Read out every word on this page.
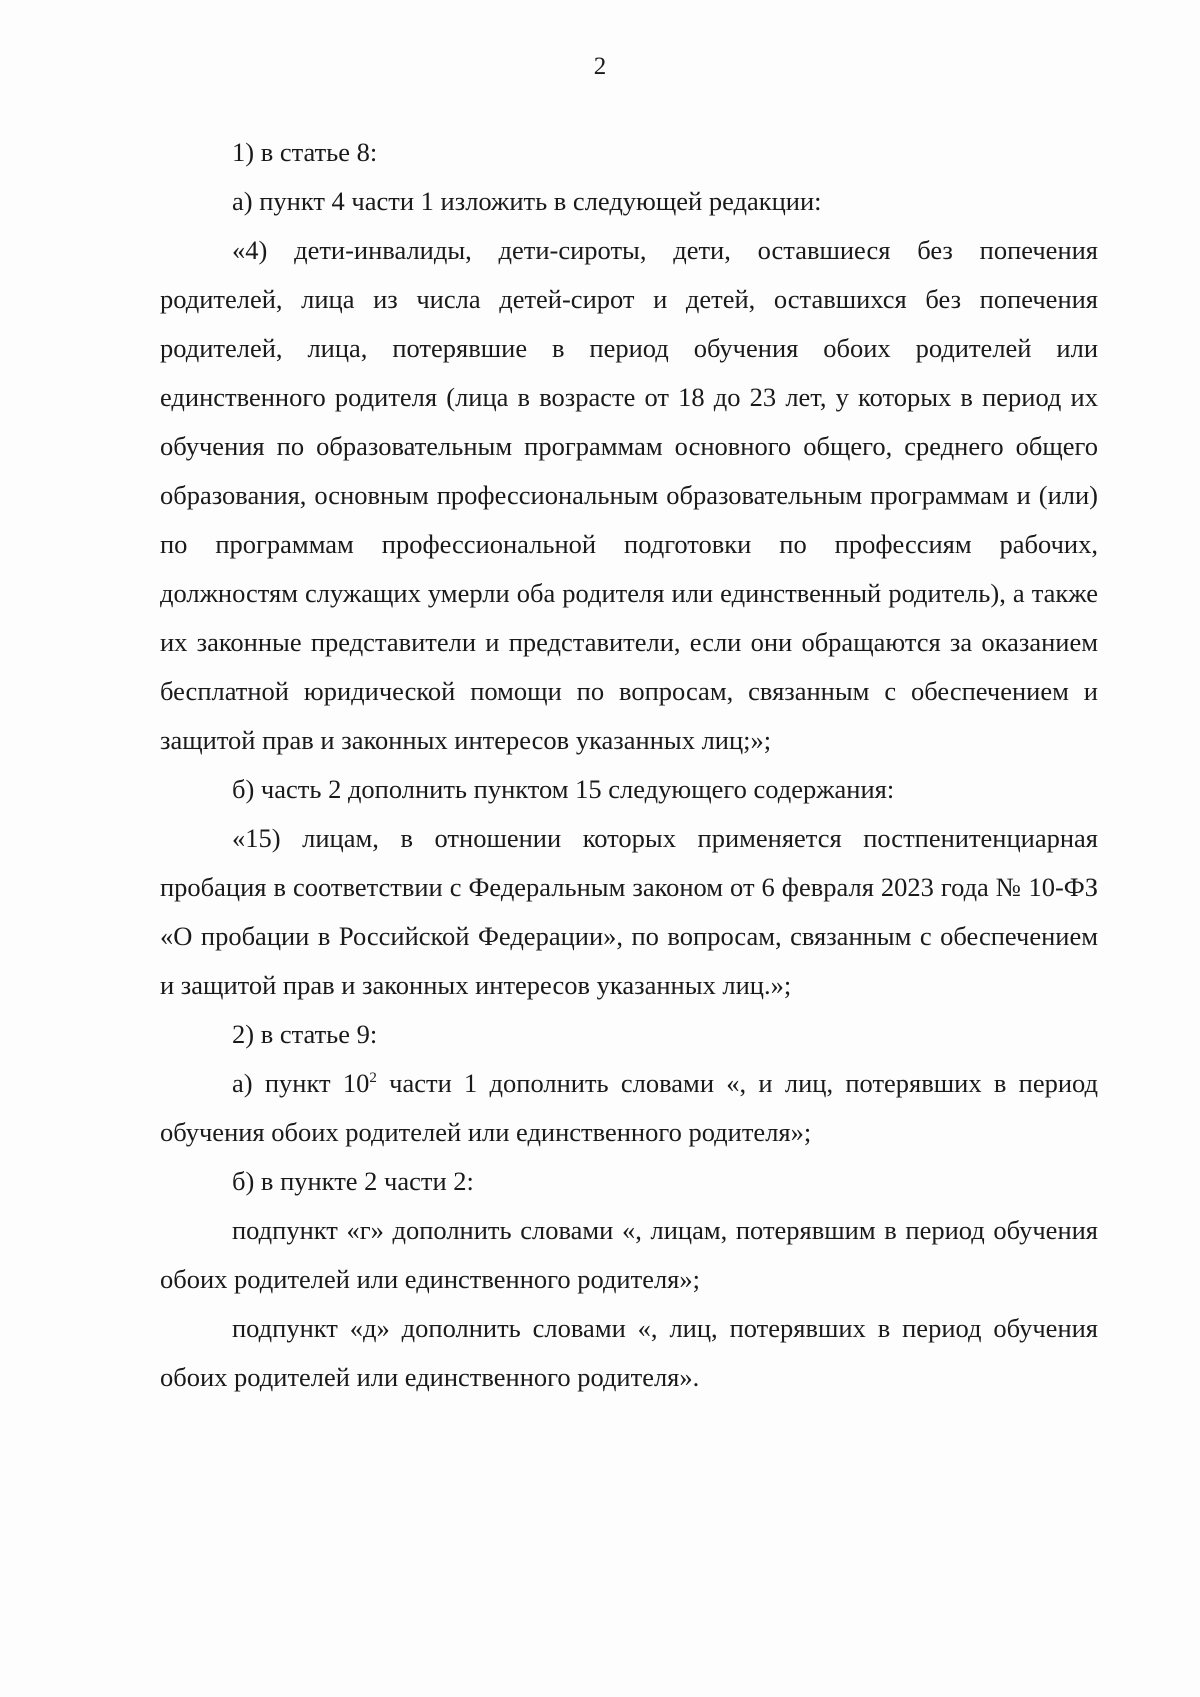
2

1) в статье 8:

а) пункт 4 части 1 изложить в следующей редакции:

«4) дети-инвалиды, дети-сироты, дети, оставшиеся без попечения родителей, лица из числа детей-сирот и детей, оставшихся без попечения родителей, лица, потерявшие в период обучения обоих родителей или единственного родителя (лица в возрасте от 18 до 23 лет, у которых в период их обучения по образовательным программам основного общего, среднего общего образования, основным профессиональным образовательным программам и (или) по программам профессиональной подготовки по профессиям рабочих, должностям служащих умерли оба родителя или единственный родитель), а также их законные представители и представители, если они обращаются за оказанием бесплатной юридической помощи по вопросам, связанным с обеспечением и защитой прав и законных интересов указанных лиц;»;

б) часть 2 дополнить пунктом 15 следующего содержания:

«15) лицам, в отношении которых применяется постпенитенциарная пробация в соответствии с Федеральным законом от 6 февраля 2023 года № 10-ФЗ «О пробации в Российской Федерации», по вопросам, связанным с обеспечением и защитой прав и законных интересов указанных лиц.»;

2) в статье 9:

а) пункт $10^2$ части 1 дополнить словами «, и лиц, потерявших в период обучения обоих родителей или единственного родителя»;

б) в пункте 2 части 2:

подпункт «г» дополнить словами «, лицам, потерявшим в период обучения обоих родителей или единственного родителя»;

подпункт «д» дополнить словами «, лиц, потерявших в период обучения обоих родителей или единственного родителя».
